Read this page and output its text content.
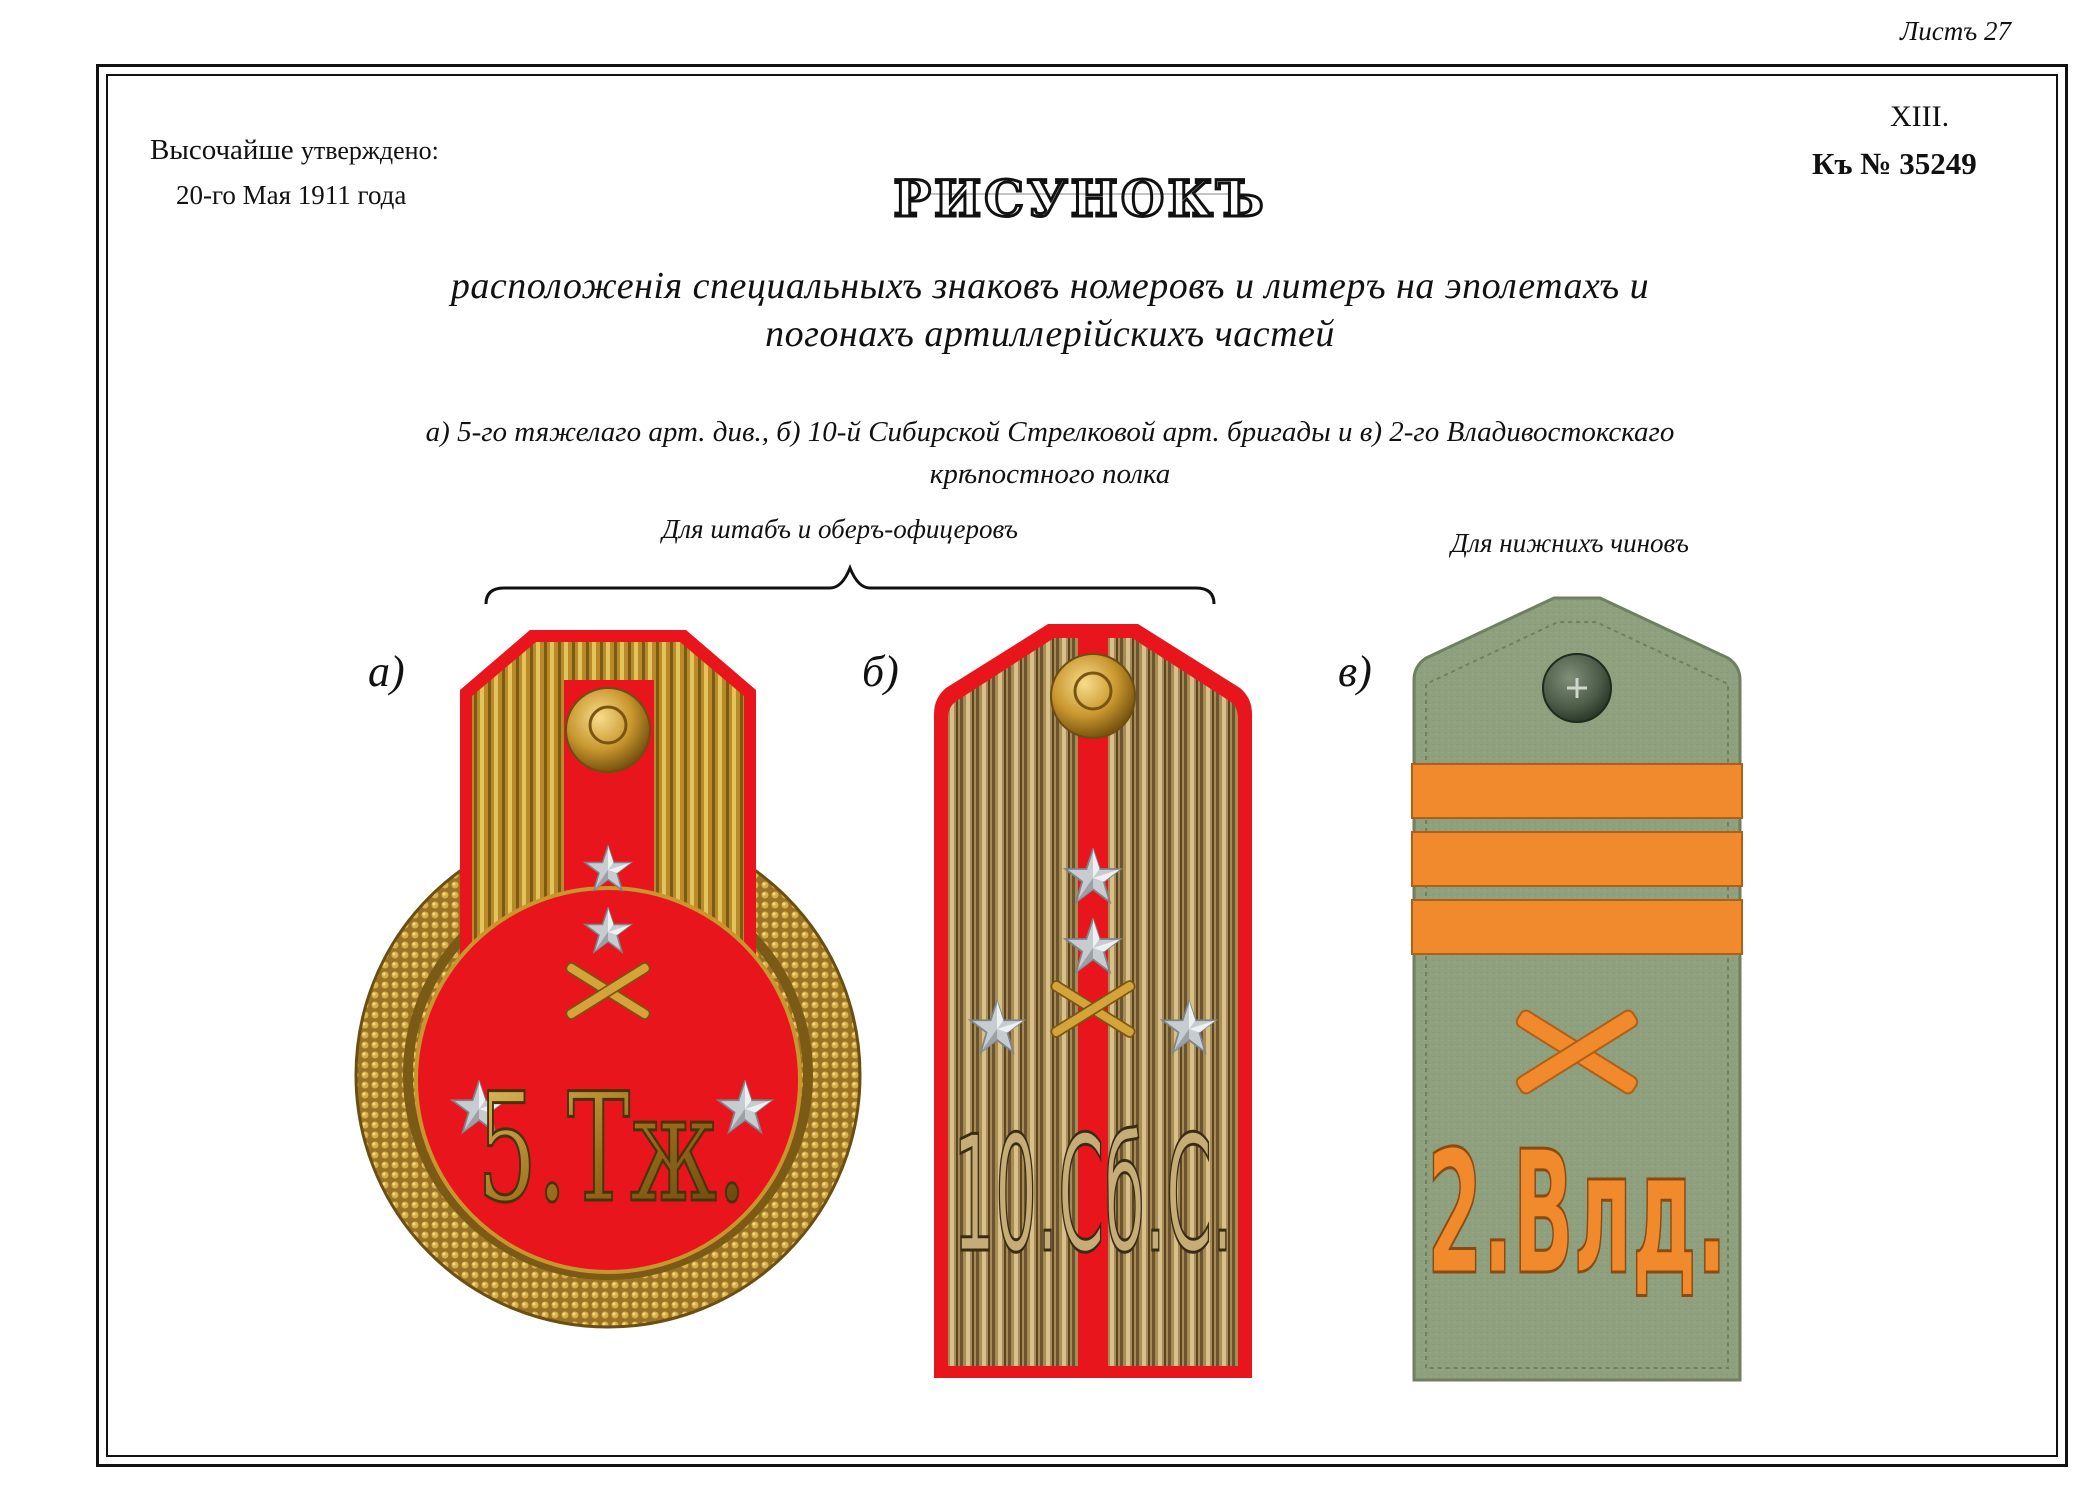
Листъ 27
Высочайше утверждено:
20-го Мая 1911 года
XIII.
Къ № 35249
РИСУНОКЪ
расположенія специальныхъ знаковъ номеровъ и литеръ на эполетахъ и
погонахъ артиллерійскихъ частей
а) 5-го тяжелаго арт. див., б) 10-й Сибирской Стрелковой арт. бригады и в) 2-го Владивостокскаго
крѣпостного полка
Для штабъ и оберъ-офицеровъ	Для нижнихъ чиновъ
а)	б)	в)
5.Тж. 10.Сб.С. 2.Влд.
